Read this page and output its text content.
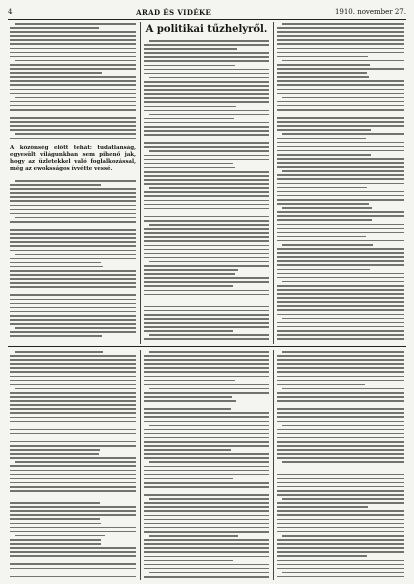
4	ARAD ÉS VIDÉKE	1910. november 27.

A közönség előtt tehát: tudatlanság, egyesült világunkban sem pihenő jak, hogy az üzletekkel való foglalkozással, még az ewoksságos ívvétte vessé.

A politikai tűzhelyről.
